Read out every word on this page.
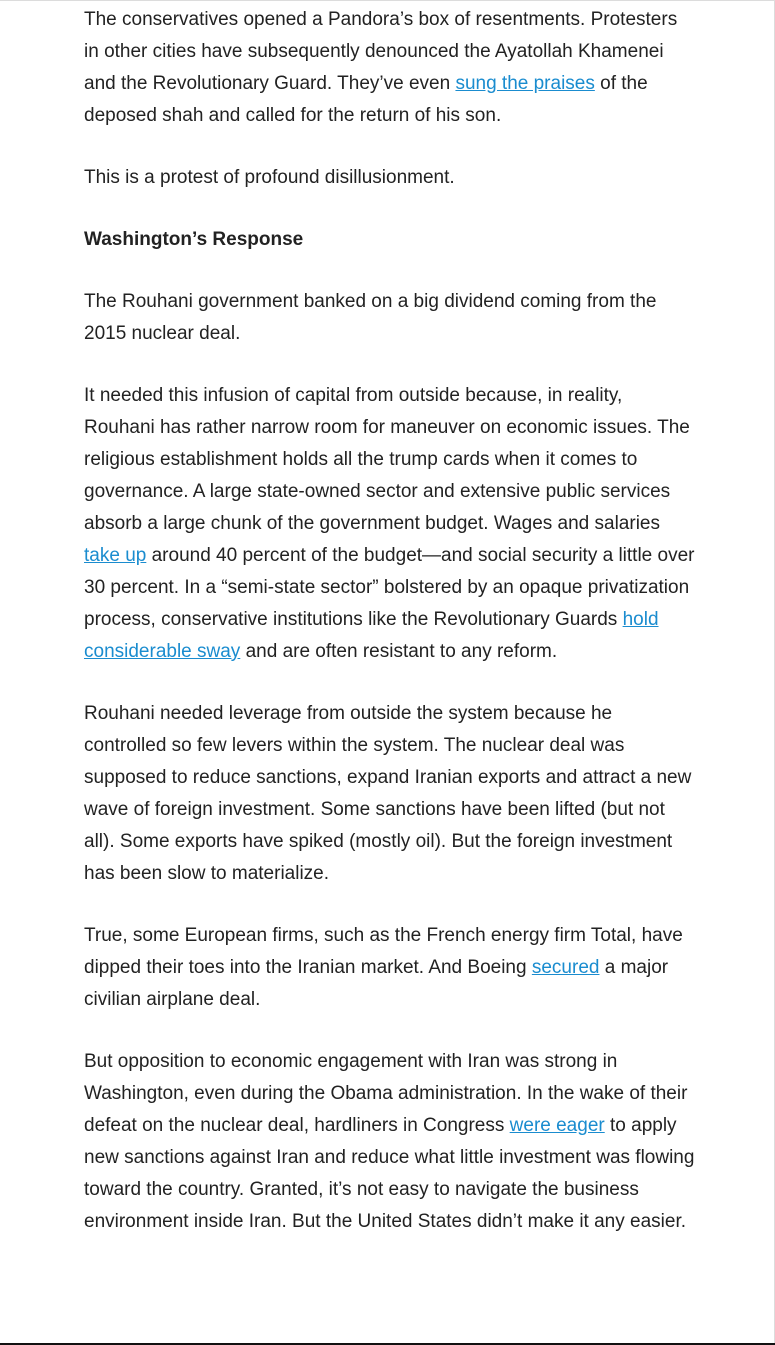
The conservatives opened a Pandora’s box of resentments. Protesters in other cities have subsequently denounced the Ayatollah Khamenei and the Revolutionary Guard. They’ve even sung the praises of the deposed shah and called for the return of his son.

This is a protest of profound disillusionment.

Washington’s Response

The Rouhani government banked on a big dividend coming from the 2015 nuclear deal.

It needed this infusion of capital from outside because, in reality, Rouhani has rather narrow room for maneuver on economic issues. The religious establishment holds all the trump cards when it comes to governance. A large state-owned sector and extensive public services absorb a large chunk of the government budget. Wages and salaries take up around 40 percent of the budget—and social security a little over 30 percent. In a “semi-state sector” bolstered by an opaque privatization process, conservative institutions like the Revolutionary Guards hold considerable sway and are often resistant to any reform.

Rouhani needed leverage from outside the system because he controlled so few levers within the system. The nuclear deal was supposed to reduce sanctions, expand Iranian exports and attract a new wave of foreign investment. Some sanctions have been lifted (but not all). Some exports have spiked (mostly oil). But the foreign investment has been slow to materialize.

True, some European firms, such as the French energy firm Total, have dipped their toes into the Iranian market. And Boeing secured a major civilian airplane deal.

But opposition to economic engagement with Iran was strong in Washington, even during the Obama administration. In the wake of their defeat on the nuclear deal, hardliners in Congress were eager to apply new sanctions against Iran and reduce what little investment was flowing toward the country. Granted, it’s not easy to navigate the business environment inside Iran. But the United States didn’t make it any easier.
